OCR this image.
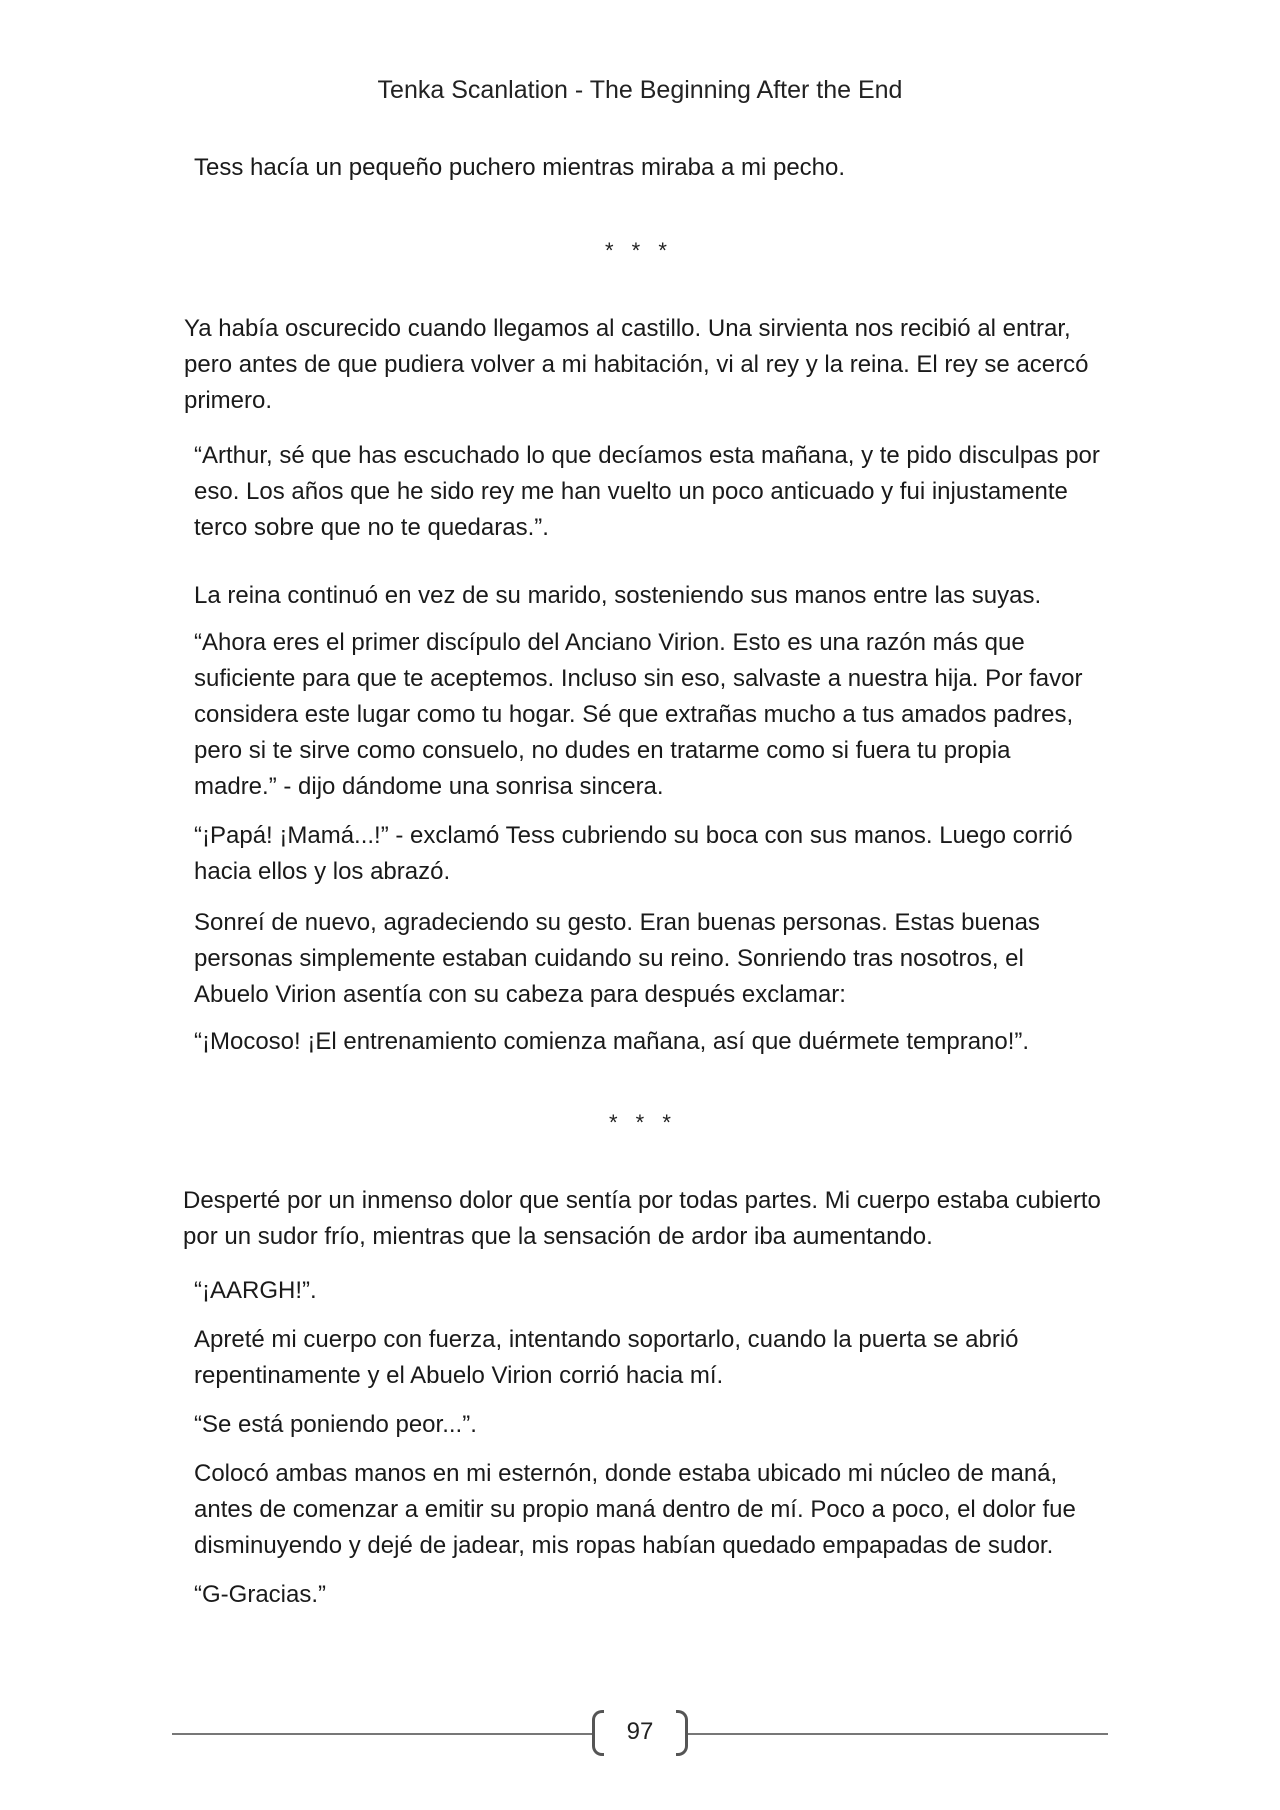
Tenka Scanlation - The Beginning After the End

Tess hacía un pequeño puchero mientras miraba a mi pecho.

* * *

Ya había oscurecido cuando llegamos al castillo. Una sirvienta nos recibió al entrar,

pero antes de que pudiera volver a mi habitación, vi al rey y la reina. El rey se acercó

primero.

“Arthur, sé que has escuchado lo que decíamos esta mañana, y te pido disculpas por

eso. Los años que he sido rey me han vuelto un poco anticuado y fui injustamente

terco sobre que no te quedaras.”.

La reina continuó en vez de su marido, sosteniendo sus manos entre las suyas.

“Ahora eres el primer discípulo del Anciano Virion. Esto es una razón más que

suficiente para que te aceptemos. Incluso sin eso, salvaste a nuestra hija. Por favor

considera este lugar como tu hogar. Sé que extrañas mucho a tus amados padres,

pero si te sirve como consuelo, no dudes en tratarme como si fuera tu propia

madre.” - dijo dándome una sonrisa sincera.

“¡Papá! ¡Mamá...!” - exclamó Tess cubriendo su boca con sus manos. Luego corrió

hacia ellos y los abrazó.

Sonreí de nuevo, agradeciendo su gesto. Eran buenas personas. Estas buenas

personas simplemente estaban cuidando su reino. Sonriendo tras nosotros, el

Abuelo Virion asentía con su cabeza para después exclamar:

“¡Mocoso! ¡El entrenamiento comienza mañana, así que duérmete temprano!”.

* * *

Desperté por un inmenso dolor que sentía por todas partes. Mi cuerpo estaba cubierto

por un sudor frío, mientras que la sensación de ardor iba aumentando.

“¡AARGH!”.

Apreté mi cuerpo con fuerza, intentando soportarlo, cuando la puerta se abrió

repentinamente y el Abuelo Virion corrió hacia mí.

“Se está poniendo peor...”.

Colocó ambas manos en mi esternón, donde estaba ubicado mi núcleo de maná,

antes de comenzar a emitir su propio maná dentro de mí. Poco a poco, el dolor fue

disminuyendo y dejé de jadear, mis ropas habían quedado empapadas de sudor.

“G-Gracias.”

97
